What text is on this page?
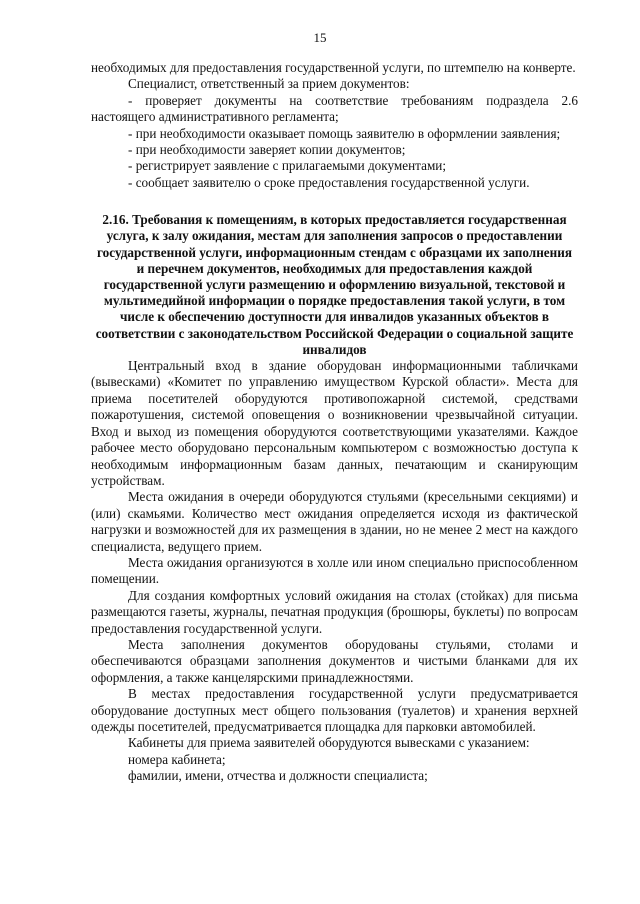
15

необходимых для предоставления государственной услуги, по штемпелю на конверте.

Специалист, ответственный за прием документов:

- проверяет документы на соответствие требованиям подраздела 2.6 настоящего административного регламента;

- при необходимости оказывает помощь заявителю в оформлении заявления;

- при необходимости заверяет копии документов;

- регистрирует заявление с прилагаемыми документами;

- сообщает заявителю о сроке предоставления государственной услуги.

2.16. Требования к помещениям, в которых предоставляется государственная услуга, к залу ожидания, местам для заполнения запросов о предоставлении государственной услуги, информационным стендам с образцами их заполнения и перечнем документов, необходимых для предоставления каждой государственной услуги размещению и оформлению визуальной, текстовой и мультимедийной информации о порядке предоставления такой услуги, в том числе к обеспечению доступности для инвалидов указанных объектов в соответствии с законодательством Российской Федерации о социальной защите инвалидов

Центральный вход в здание оборудован информационными табличками (вывесками) «Комитет по управлению имуществом Курской области». Места для приема посетителей оборудуются противопожарной системой, средствами пожаротушения, системой оповещения о возникновении чрезвычайной ситуации. Вход и выход из помещения оборудуются соответствующими указателями. Каждое рабочее место оборудовано персональным компьютером с возможностью доступа к необходимым информационным базам данных, печатающим и сканирующим устройствам.

Места ожидания в очереди оборудуются стульями (кресельными секциями) и (или) скамьями. Количество мест ожидания определяется исходя из фактической нагрузки и возможностей для их размещения в здании, но не менее 2 мест на каждого специалиста, ведущего прием.

Места ожидания организуются в холле или ином специально приспособленном помещении.

Для создания комфортных условий ожидания на столах (стойках) для письма размещаются газеты, журналы, печатная продукция (брошюры, буклеты) по вопросам предоставления государственной услуги.

Места заполнения документов оборудованы стульями, столами и обеспечиваются образцами заполнения документов и чистыми бланками для их оформления, а также канцелярскими принадлежностями.

В местах предоставления государственной услуги предусматривается оборудование доступных мест общего пользования (туалетов) и хранения верхней одежды посетителей, предусматривается площадка для парковки автомобилей.

Кабинеты для приема заявителей оборудуются вывесками с указанием:

номера кабинета;

фамилии, имени, отчества и должности специалиста;
